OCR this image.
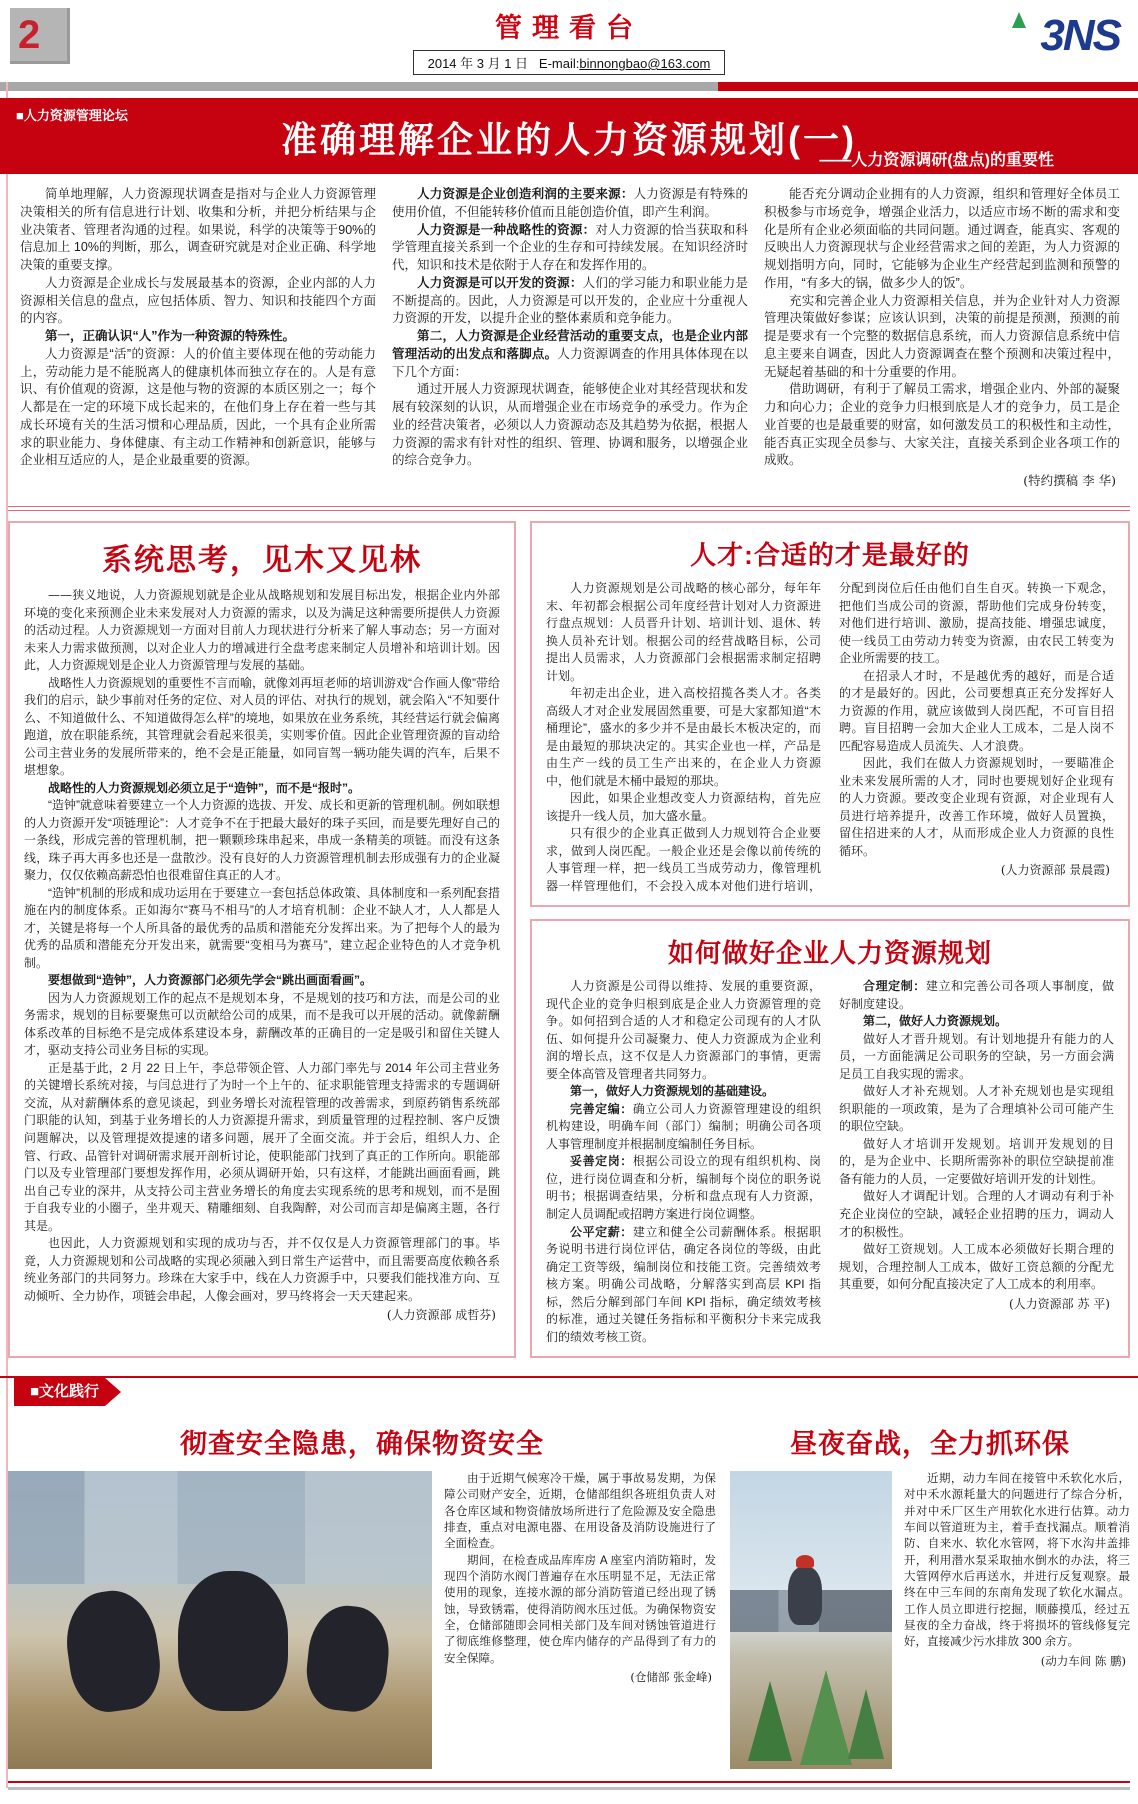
2	管理看台
2014 年 3 月 1 日 E-mail:binnongbao@163.com
3NS
■人力资源管理论坛
准确理解企业的人力资源规划(一)
——人力资源调研(盘点)的重要性

简单地理解，人力资源现状调查是指对与企业人力资源管理决策相关的所有信息进行计划、收集和分析，并把分析结果与企业决策者、管理者沟通的过程。如果说，科学的决策等于90%的信息加上 10%的判断，那么，调查研究就是对企业正确、科学地决策的重要支撑。

人力资源是企业成长与发展最基本的资源，企业内部的人力资源相关信息的盘点，应包括体质、智力、知识和技能四个方面的内容。

第一，正确认识“人”作为一种资源的特殊性。

人力资源是“活”的资源：人的价值主要体现在他的劳动能力上，劳动能力是不能脱离人的健康机体而独立存在的。人是有意识、有价值观的资源，这是他与物的资源的本质区别之一；每个人都是在一定的环境下成长起来的，在他们身上存在着一些与其成长环境有关的生活习惯和心理品质，因此，一个具有企业所需求的职业能力、身体健康、有主动工作精神和创新意识，能够与企业相互适应的人，是企业最重要的资源。

人力资源是企业创造利润的主要来源：人力资源是有特殊的使用价值，不但能转移价值而且能创造价值，即产生利润。

人力资源是一种战略性的资源：对人力资源的恰当获取和科学管理直接关系到一个企业的生存和可持续发展。在知识经济时代，知识和技术是依附于人存在和发挥作用的。

人力资源是可以开发的资源：人们的学习能力和职业能力是不断提高的。因此，人力资源是可以开发的，企业应十分重视人力资源的开发，以提升企业的整体素质和竞争能力。

第二，人力资源是企业经营活动的重要支点，也是企业内部管理活动的出发点和落脚点。人力资源调查的作用具体体现在以下几个方面：

通过开展人力资源现状调查，能够使企业对其经营现状和发展有较深刻的认识，从而增强企业在市场竞争的承受力。作为企业的经营决策者，必须以人力资源动态及其趋势为依据，根据人力资源的需求有针对性的组织、管理、协调和服务，以增强企业的综合竞争力。

能否充分调动企业拥有的人力资源，组织和管理好全体员工积极参与市场竞争，增强企业活力，以适应市场不断的需求和变化是所有企业必须面临的共同问题。通过调查，能真实、客观的反映出人力资源现状与企业经营需求之间的差距，为人力资源的规划指明方向，同时，它能够为企业生产经营起到监测和预警的作用，“有多大的锅，做多少人的饭”。

充实和完善企业人力资源相关信息，并为企业针对人力资源管理决策做好参谋；应该认识到，决策的前提是预测，预测的前提是要求有一个完整的数据信息系统，而人力资源信息系统中信息主要来自调查，因此人力资源调查在整个预测和决策过程中，无疑起着基础的和十分重要的作用。

借助调研，有利于了解员工需求，增强企业内、外部的凝聚力和向心力；企业的竞争力归根到底是人才的竞争力，员工是企业首要的也是最重要的财富，如何激发员工的积极性和主动性，能否真正实现全员参与、大家关注，直接关系到企业各项工作的成败。

(特约撰稿 李 华)

系统思考，见木又见林

——狭义地说，人力资源规划就是企业从战略规划和发展目标出发，根据企业内外部环境的变化来预测企业未来发展对人力资源的需求，以及为满足这种需要所提供人力资源的活动过程。人力资源规划一方面对目前人力现状进行分析来了解人事动态；另一方面对未来人力需求做预测，以对企业人力的增减进行全盘考虑来制定人员增补和培训计划。因此，人力资源规划是企业人力资源管理与发展的基础。

战略性人力资源规划的重要性不言而喻，就像刘再垣老师的培训游戏“合作画人像”带给我们的启示，缺少事前对任务的定位、对人员的评估、对执行的规划，就会陷入“不知要什么、不知道做什么、不知道做得怎么样”的境地，如果放在业务系统，其经营运行就会偏离跑道，放在职能系统，其管理就会看起来很美，实则零价值。因此企业管理资源的盲动给公司主营业务的发展所带来的，绝不会是正能量，如同盲驾一辆功能失调的汽车，后果不堪想象。

战略性的人力资源规划必须立足于“造钟”，而不是“报时”。

“造钟”就意味着要建立一个人力资源的选拔、开发、成长和更新的管理机制。例如联想的人力资源开发“项链理论”：人才竞争不在于把最大最好的珠子买回，而是要先理好自己的一条线，形成完善的管理机制，把一颗颗珍珠串起来，串成一条精美的项链。而没有这条线，珠子再大再多也还是一盘散沙。没有良好的人力资源管理机制去形成强有力的企业凝聚力，仅仅依赖高薪恐怕也很难留住真正的人才。

“造钟”机制的形成和成功运用在于要建立一套包括总体政策、具体制度和一系列配套措施在内的制度体系。正如海尔“赛马不相马”的人才培育机制：企业不缺人才，人人都是人才，关键是将每一个人所具备的最优秀的品质和潜能充分发挥出来。为了把每个人的最为优秀的品质和潜能充分开发出来，就需要“变相马为赛马”，建立起企业特色的人才竞争机制。

要想做到“造钟”，人力资源部门必须先学会“跳出画面看画”。

因为人力资源规划工作的起点不是规划本身，不是规划的技巧和方法，而是公司的业务需求，规划的目标要聚焦可以贡献给公司的成果，而不是我可以开展的活动。就像薪酬体系改革的目标绝不是完成体系建设本身，薪酬改革的正确目的一定是吸引和留住关键人才，驱动支持公司业务目标的实现。

正是基于此，2 月 22 日上午，李总带领企管、人力部门率先与 2014 年公司主营业务的关键增长系统对接，与闫总进行了为时一个上午的、征求职能管理支持需求的专题调研交流，从对薪酬体系的意见谈起，到业务增长对流程管理的改善需求，到原药销售系统部门职能的认知，到基于业务增长的人力资源提升需求，到质量管理的过程控制、客户反馈问题解决，以及管理提效提速的诸多问题，展开了全面交流。并于会后，组织人力、企管、行政、品管针对调研需求展开剖析讨论，使职能部门找到了真正的工作所向。职能部门以及专业管理部门要想发挥作用，必须从调研开始，只有这样，才能跳出画面看画，跳出自己专业的深井，从支持公司主营业务增长的角度去实现系统的思考和规划，而不是囿于自我专业的小圈子，坐井观天、精雕细刻、自我陶醉，对公司而言却是偏离主题，各行其是。

也因此，人力资源规划和实现的成功与否，并不仅仅是人力资源管理部门的事。毕竟，人力资源规划和公司战略的实现必须融入到日常生产运营中，而且需要高度依赖各系统业务部门的共同努力。珍珠在大家手中，线在人力资源手中，只要我们能找准方向、互动倾听、全力协作，项链会串起，人像会画对，罗马终将会一天天建起来。

(人力资源部 成哲芬)

人才:合适的才是最好的

人力资源规划是公司战略的核心部分，每年年末、年初都会根据公司年度经营计划对人力资源进行盘点规划：人员晋升计划、培训计划、退休、转换人员补充计划。根据公司的经营战略目标，公司提出人员需求，人力资源部门会根据需求制定招聘计划。

年初走出企业，进入高校招揽各类人才。各类高级人才对企业发展固然重要，可是大家都知道“木桶理论”，盛水的多少并不是由最长木板决定的，而是由最短的那块决定的。其实企业也一样，产品是由生产一线的员工生产出来的，在企业人力资源中，他们就是木桶中最短的那块。

因此，如果企业想改变人力资源结构，首先应该提升一线人员，加大盛水量。

只有很少的企业真正做到人力规划符合企业要求，做到人岗匹配。一般企业还是会像以前传统的人事管理一样，把一线员工当成劳动力，像管理机器一样管理他们，不会投入成本对他们进行培训，分配到岗位后任由他们自生自灭。转换一下观念，把他们当成公司的资源，帮助他们完成身份转变，对他们进行培训、激励，提高技能、增强忠诚度，使一线员工由劳动力转变为资源，由农民工转变为企业所需要的技工。

在招录人才时，不是越优秀的越好，而是合适的才是最好的。因此，公司要想真正充分发挥好人力资源的作用，就应该做到人岗匹配，不可盲目招聘。盲目招聘一会加大企业人工成本，二是人岗不匹配容易造成人员流失、人才浪费。

因此，我们在做人力资源规划时，一要瞄准企业未来发展所需的人才，同时也要规划好企业现有的人力资源。要改变企业现有资源，对企业现有人员进行培养提升，改善工作环境，做好人员置换，留住招进来的人才，从而形成企业人力资源的良性循环。

(人力资源部 景晨霞)

如何做好企业人力资源规划

人力资源是公司得以维持、发展的重要资源，现代企业的竞争归根到底是企业人力资源管理的竞争。如何招到合适的人才和稳定公司现有的人才队伍、如何提升公司凝聚力、使人力资源成为企业利润的增长点，这不仅是人力资源部门的事情，更需要全体高管及管理者共同努力。

第一，做好人力资源规划的基础建设。

完善定编：确立公司人力资源管理建设的组织机构建设，明确车间（部门）编制；明确公司各项人事管理制度并根据制度编制任务目标。

妥善定岗：根据公司设立的现有组织机构、岗位，进行岗位调查和分析，编制每个岗位的职务说明书；根据调查结果，分析和盘点现有人力资源，制定人员调配或招聘方案进行岗位调整。

公平定薪：建立和健全公司薪酬体系。根据职务说明书进行岗位评估，确定各岗位的等级，由此确定工资等级，编制岗位和技能工资。完善绩效考核方案。明确公司战略，分解落实到高层 KPI 指标，然后分解到部门车间 KPI 指标，确定绩效考核的标准，通过关键任务指标和平衡积分卡来完成我们的绩效考核工资。

合理定制：建立和完善公司各项人事制度，做好制度建设。

第二，做好人力资源规划。

做好人才晋升规划。有计划地提升有能力的人员，一方面能满足公司职务的空缺，另一方面会满足员工自我实现的需求。

做好人才补充规划。人才补充规划也是实现组织职能的一项政策，是为了合理填补公司可能产生的职位空缺。

做好人才培训开发规划。培训开发规划的目的，是为企业中、长期所需弥补的职位空缺提前准备有能力的人员，一定要做好培训开发的计划性。

做好人才调配计划。合理的人才调动有利于补充企业岗位的空缺，减轻企业招聘的压力，调动人才的积极性。

做好工资规划。人工成本必须做好长期合理的规划，合理控制人工成本，做好工资总额的分配尤其重要，如何分配直接决定了人工成本的利用率。

(人力资源部 苏 平)

■文化践行
彻查安全隐患，确保物资安全

由于近期气候寒冷干燥，属于事故易发期，为保障公司财产安全，近期，仓储部组织各班组负责人对各仓库区域和物资储放场所进行了危险源及安全隐患排查，重点对电源电器、在用设备及消防设施进行了全面检查。

期间，在检查成品库库房 A 座室内消防箱时，发现四个消防水阀门普遍存在水压明显不足，无法正常使用的现象，连接水源的部分消防管道已经出现了锈蚀，导致锈霜，使得消防阀水压过低。为确保物资安全，仓储部随即会同相关部门及车间对锈蚀管道进行了彻底维修整理，使仓库内储存的产品得到了有力的安全保障。

(仓储部 张金峰)

昼夜奋战，全力抓环保

近期，动力车间在接管中禾软化水后，对中禾水源耗量大的问题进行了综合分析，并对中禾厂区生产用软化水进行估算。动力车间以管道班为主，着手查找漏点。顺着消防、自来水、软化水管网，将下水沟井盖排开，利用潜水泵采取抽水倒水的办法，将三大管网停水后再送水，并进行反复观察。最终在中三车间的东南角发现了软化水漏点。工作人员立即进行挖掘，顺藤摸瓜，经过五昼夜的全力奋战，终于将损坏的管线修复完好，直接减少污水排放 300 余方。

(动力车间 陈 鹏)
